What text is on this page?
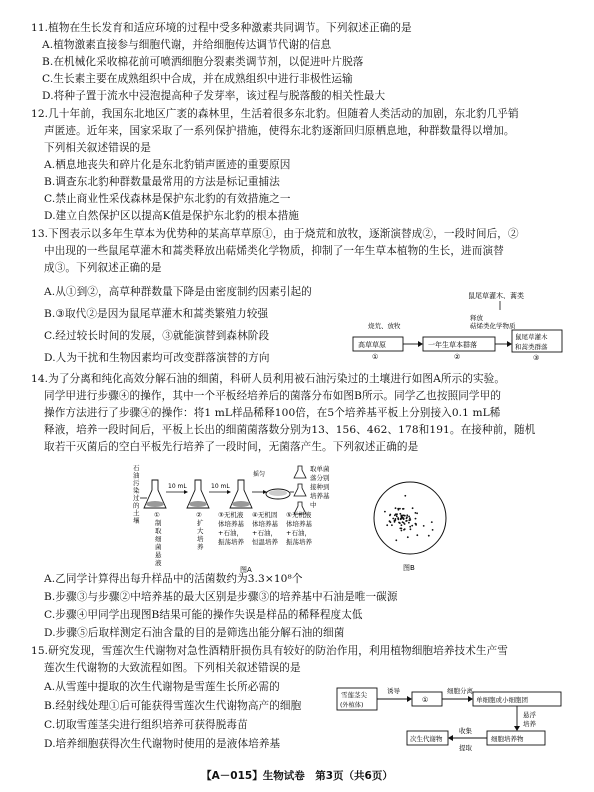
11.植物在生长发育和适应环境的过程中受多种激素共同调节。下列叙述正确的是
A.植物激素直接参与细胞代谢，并给细胞传达调节代谢的信息
B.在机械化采收棉花前可喷洒细胞分裂素类调节剂，以促进叶片脱落
C.生长素主要在成熟组织中合成，并在成熟组织中进行非极性运输
D.将种子置于流水中浸泡提高种子发芽率，该过程与脱落酸的相关性最大
12.几十年前，我国东北地区广袤的森林里，生活着很多东北豹。但随着人类活动的加剧，东北豹几乎销
声匿迹。近年来，国家采取了一系列保护措施，使得东北豹逐渐回归原栖息地，种群数量得以增加。
下列相关叙述错误的是
A.栖息地丧失和碎片化是东北豹销声匿迹的重要原因
B.调查东北豹种群数量最常用的方法是标记重捕法
C.禁止商业性采伐森林是保护东北豹的有效措施之一
D.建立自然保护区以提高K值是保护东北豹的根本措施
13.下图表示以多年生草本为优势种的某高草草原①，由于烧荒和放牧，逐渐演替成②，一段时间后，②
中出现的一些鼠尾草灌木和蒿类释放出萜烯类化学物质，抑制了一年生草本植物的生长，进而演替
成③。下列叙述正确的是
A.从①到②，高草种群数量下降是由密度制约因素引起的
B.③取代②是因为鼠尾草灌木和蒿类繁殖力较强
C.经过较长时间的发展，③就能演替到森林阶段
D.人为干扰和生物因素均可改变群落演替的方向
鼠尾草灌木、蒿类
烧荒、放牧
释放
萜烯类化学物质
高草草原
①
一年生草本群落
②
鼠尾草灌木
和蒿类群落
③
14.为了分离和纯化高效分解石油的细菌，科研人员利用被石油污染过的土壤进行如图A所示的实验。
同学甲进行步骤④的操作，其中一个平板经培养后的菌落分布如图B所示。同学乙也按照同学甲的
操作方法进行了步骤④的操作：将1 mL样品稀释100倍，在5个培养基平板上分别接入0.1 mL稀
释液，培养一段时间后，平板上长出的细菌菌落数分别为13、156、462、178和191。在接种前，随机
取若干灭菌后的空白平板先行培养了一段时间，无菌落产生。下列叙述正确的是
石油污染过的土壤
10 mL	10 mL
摇匀
取单菌落分别接种到培养基中
① 制取细菌悬液
② 扩大培养
③无机液体培养基+石油，振荡培养
④无机固体培养基+石油，恒温培养
⑤无机液体培养基+石油，振荡培养
图A	图B
A.乙同学计算得出每升样品中的活菌数约为3.3×10⁸个
B.步骤③与步骤②中培养基的最大区别是步骤③的培养基中石油是唯一碳源
C.步骤④甲同学出现图B结果可能的操作失误是样品的稀释程度太低
D.步骤⑤后取样测定石油含量的目的是筛选出能分解石油的细菌
15.研究发现，雪莲次生代谢物对急性酒精肝损伤具有较好的防治作用，利用植物细胞培养技术生产雪
莲次生代谢物的大致流程如图。下列相关叙述错误的是
A.从雪莲中提取的次生代谢物是雪莲生长所必需的
B.经射线处理①后可能获得雪莲次生代谢物高产的细胞
C.切取雪莲茎尖进行组织培养可获得脱毒苗
D.培养细胞获得次生代谢物时使用的是液体培养基
雪莲茎尖
(外植体)
诱导
①
细胞分离
单细胞或小细胞团
悬浮
培养
细胞培养物
收集
提取
次生代谢物
【A－015】生物试卷　第3页（共6页）
